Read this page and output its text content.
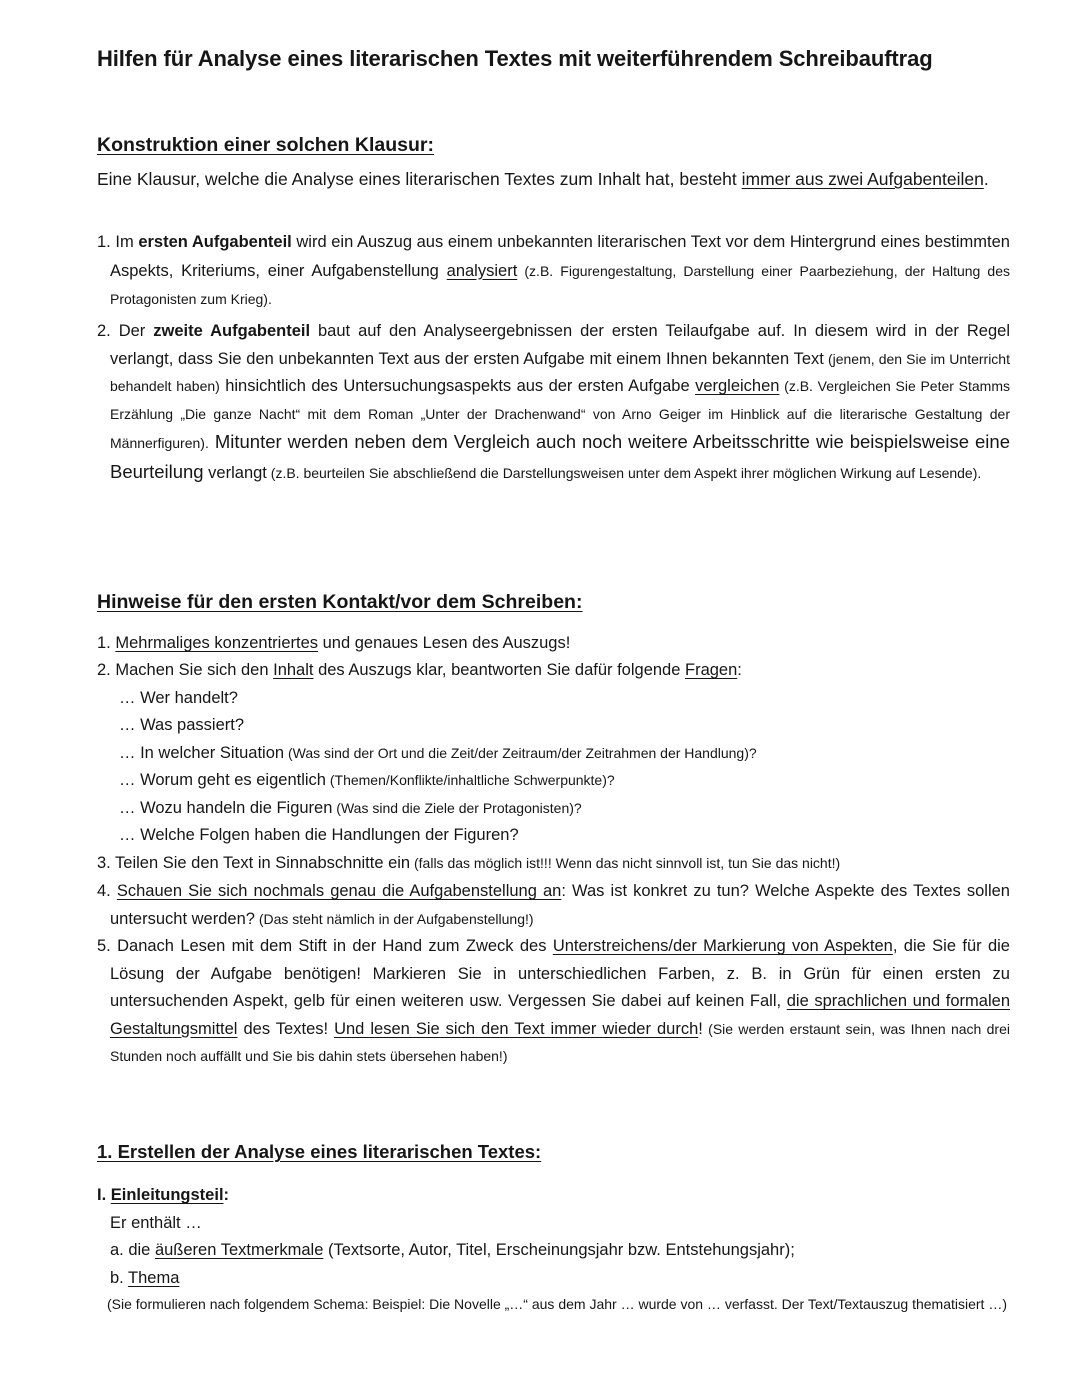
Hilfen für Analyse eines literarischen Textes mit weiterführendem Schreibauftrag
Konstruktion einer solchen Klausur:
Eine Klausur, welche die Analyse eines literarischen Textes zum Inhalt hat, besteht immer aus zwei Aufgabenteilen.
1. Im ersten Aufgabenteil wird ein Auszug aus einem unbekannten literarischen Text vor dem Hintergrund eines bestimmten Aspekts, Kriteriums, einer Aufgabenstellung analysiert (z.B. Figurengestaltung, Darstellung einer Paarbeziehung, der Haltung des Protagonisten zum Krieg).
2. Der zweite Aufgabenteil baut auf den Analyseergebnissen der ersten Teilaufgabe auf. In diesem wird in der Regel verlangt, dass Sie den unbekannten Text aus der ersten Aufgabe mit einem Ihnen bekannten Text (jenem, den Sie im Unterricht behandelt haben) hinsichtlich des Untersuchungsaspekts aus der ersten Aufgabe vergleichen (z.B. Vergleichen Sie Peter Stamms Erzählung „Die ganze Nacht“ mit dem Roman „Unter der Drachenwand“ von Arno Geiger im Hinblick auf die literarische Gestaltung der Männerfiguren). Mitunter werden neben dem Vergleich auch noch weitere Arbeitsschritte wie beispielsweise eine Beurteilung verlangt (z.B. beurteilen Sie abschließend die Darstellungsweisen unter dem Aspekt ihrer möglichen Wirkung auf Lesende).
Hinweise für den ersten Kontakt/vor dem Schreiben:
1. Mehrmaliges konzentriertes und genaues Lesen des Auszugs!
2. Machen Sie sich den Inhalt des Auszugs klar, beantworten Sie dafür folgende Fragen:
… Wer handelt?
… Was passiert?
… In welcher Situation (Was sind der Ort und die Zeit/der Zeitraum/der Zeitrahmen der Handlung)?
… Worum geht es eigentlich (Themen/Konflikte/inhaltliche Schwerpunkte)?
… Wozu handeln die Figuren (Was sind die Ziele der Protagonisten)?
… Welche Folgen haben die Handlungen der Figuren?
3. Teilen Sie den Text in Sinnabschnitte ein (falls das möglich ist!!! Wenn das nicht sinnvoll ist, tun Sie das nicht!)
4. Schauen Sie sich nochmals genau die Aufgabenstellung an: Was ist konkret zu tun? Welche Aspekte des Textes sollen untersucht werden? (Das steht nämlich in der Aufgabenstellung!)
5. Danach Lesen mit dem Stift in der Hand zum Zweck des Unterstreichens/der Markierung von Aspekten, die Sie für die Lösung der Aufgabe benötigen! Markieren Sie in unterschiedlichen Farben, z. B. in Grün für einen ersten zu untersuchenden Aspekt, gelb für einen weiteren usw. Vergessen Sie dabei auf keinen Fall, die sprachlichen und formalen Gestaltungsmittel des Textes! Und lesen Sie sich den Text immer wieder durch! (Sie werden erstaunt sein, was Ihnen nach drei Stunden noch auffällt und Sie bis dahin stets übersehen haben!)
1. Erstellen der Analyse eines literarischen Textes:
I. Einleitungsteil:
Er enthält …
a. die äußeren Textmerkmale (Textsorte, Autor, Titel, Erscheinungsjahr bzw. Entstehungsjahr);
b. Thema
(Sie formulieren nach folgendem Schema: Beispiel: Die Novelle „…“ aus dem Jahr … wurde von … verfasst. Der Text/Textauszug thematisiert …)
